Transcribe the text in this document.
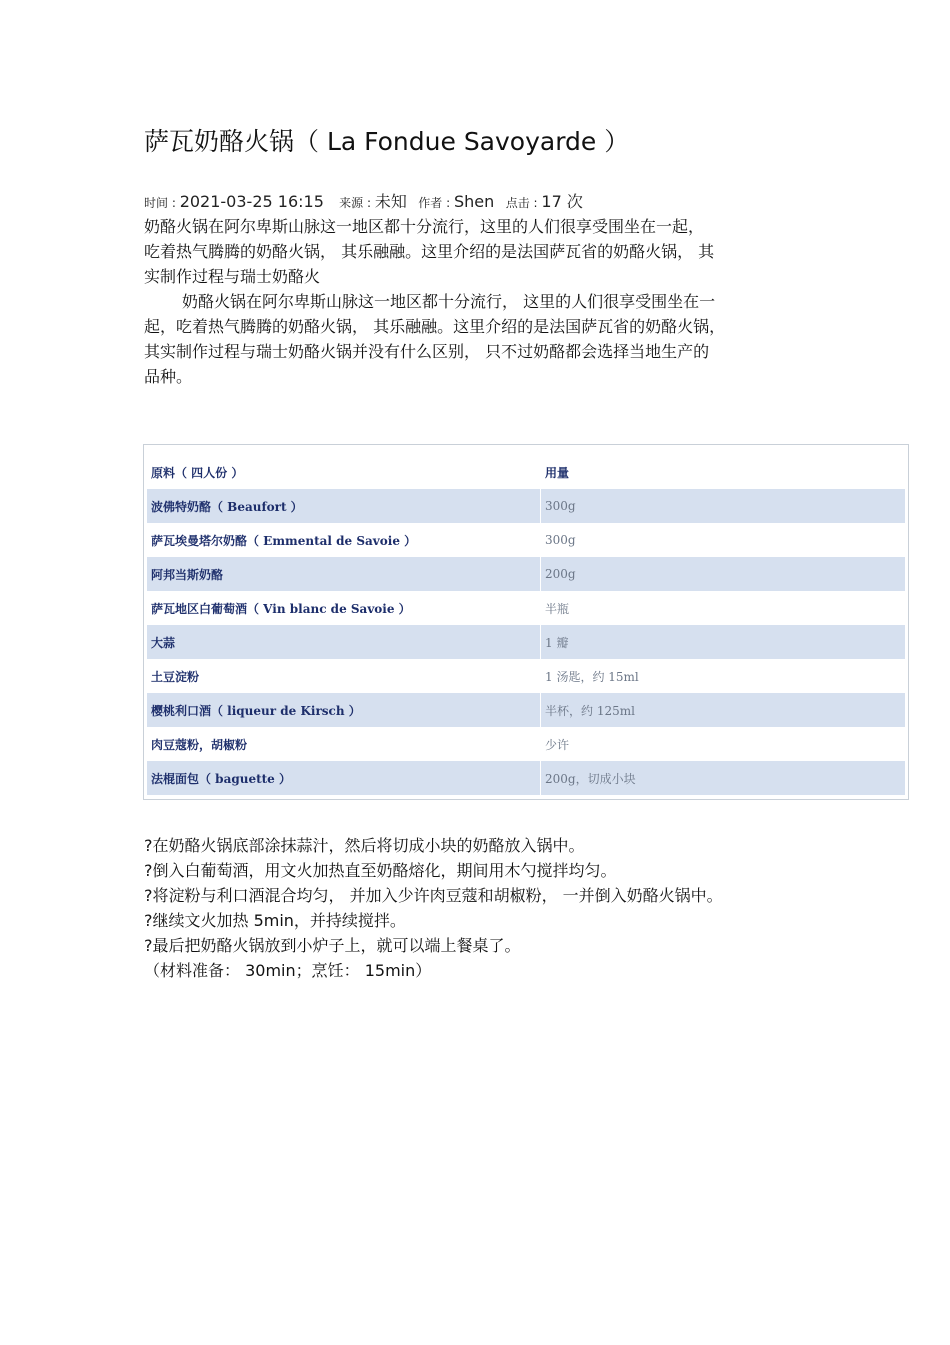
萨瓦奶酪火锅（ La Fondue Savoyarde ）
时间 : 2021-03-25 16:15 来源 : 未知 作者 : Shen 点击 : 17 次
奶酪火锅在阿尔卑斯山脉这一地区都十分流行，这里的人们很享受围坐在一起，
吃着热气腾腾的奶酪火锅， 其乐融融。这里介绍的是法国萨瓦省的奶酪火锅， 其
实制作过程与瑞士奶酪火
奶酪火锅在阿尔卑斯山脉这一地区都十分流行， 这里的人们很享受围坐在一
起，吃着热气腾腾的奶酪火锅， 其乐融融。这里介绍的是法国萨瓦省的奶酪火锅，
其实制作过程与瑞士奶酪火锅并没有什么区别， 只不过奶酪都会选择当地生产的
品种。
原料（ 四人份 ）	用量
波佛特奶酪（ Beaufort ）	300g
萨瓦埃曼塔尔奶酪（ Emmental de Savoie ）	300g
阿邦当斯奶酪	200g
萨瓦地区白葡萄酒（ Vin blanc de Savoie ）	半瓶
大蒜	1 瓣
土豆淀粉	1 汤匙，约 15ml
樱桃利口酒（ liqueur de Kirsch ）	半杯，约 125ml
肉豆蔻粉，胡椒粉	少许
法棍面包（ baguette ）	200g，切成小块
?在奶酪火锅底部涂抹蒜汁，然后将切成小块的奶酪放入锅中。
?倒入白葡萄酒，用文火加热直至奶酪熔化，期间用木勺搅拌均匀。
?将淀粉与利口酒混合均匀， 并加入少许肉豆蔻和胡椒粉， 一并倒入奶酪火锅中。
?继续文火加热 5min，并持续搅拌。
?最后把奶酪火锅放到小炉子上，就可以端上餐桌了。
（材料准备： 30min；烹饪： 15min）
